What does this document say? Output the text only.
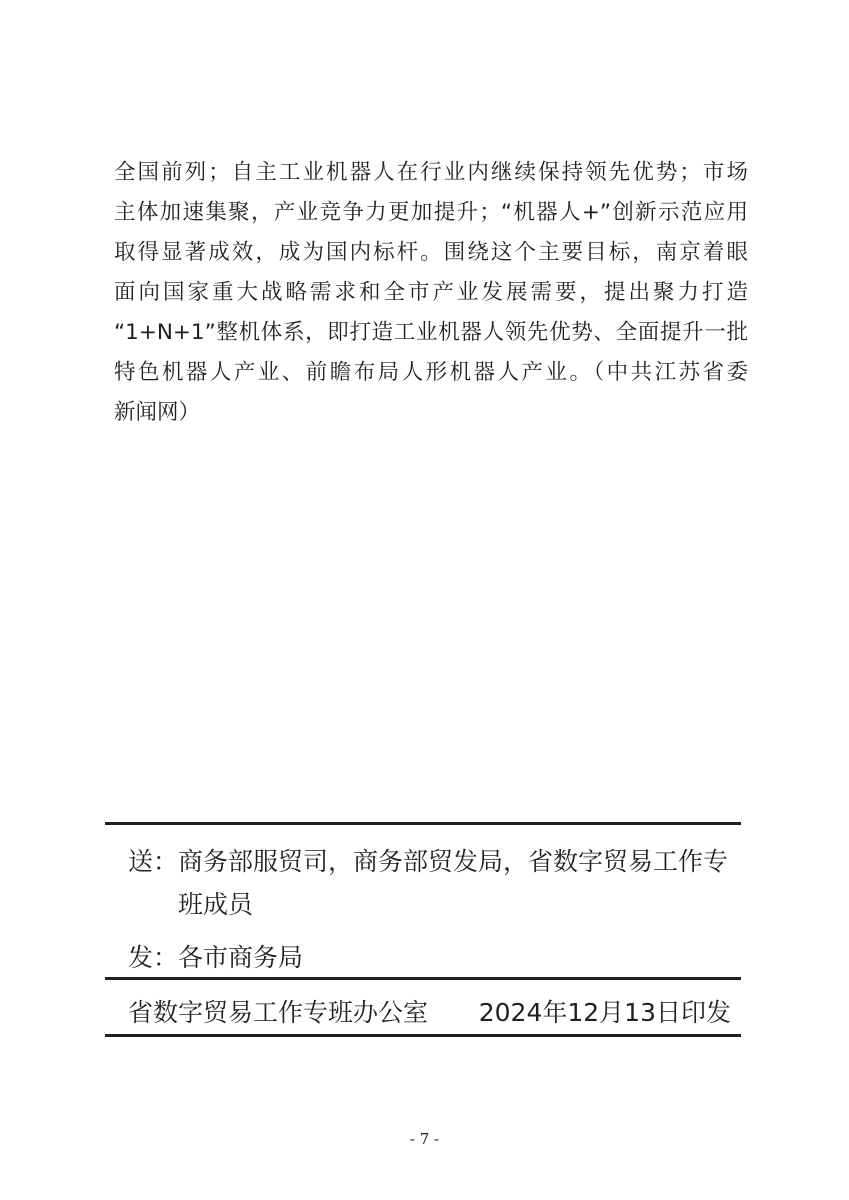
全国前列；自主工业机器人在行业内继续保持领先优势；市场
主体加速集聚，产业竞争力更加提升；“机器人+”创新示范应用
取得显著成效，成为国内标杆。围绕这个主要目标，南京着眼
面向国家重大战略需求和全市产业发展需要，提出聚力打造
“1+N+1”整机体系，即打造工业机器人领先优势、全面提升一批
特色机器人产业、前瞻布局人形机器人产业。（中共江苏省委
新闻网）
送： 商务部服贸司，商务部贸发局，省数字贸易工作专班成员
发： 各市商务局
省数字贸易工作专班办公室 2024年12月13日印发
- 7 -
